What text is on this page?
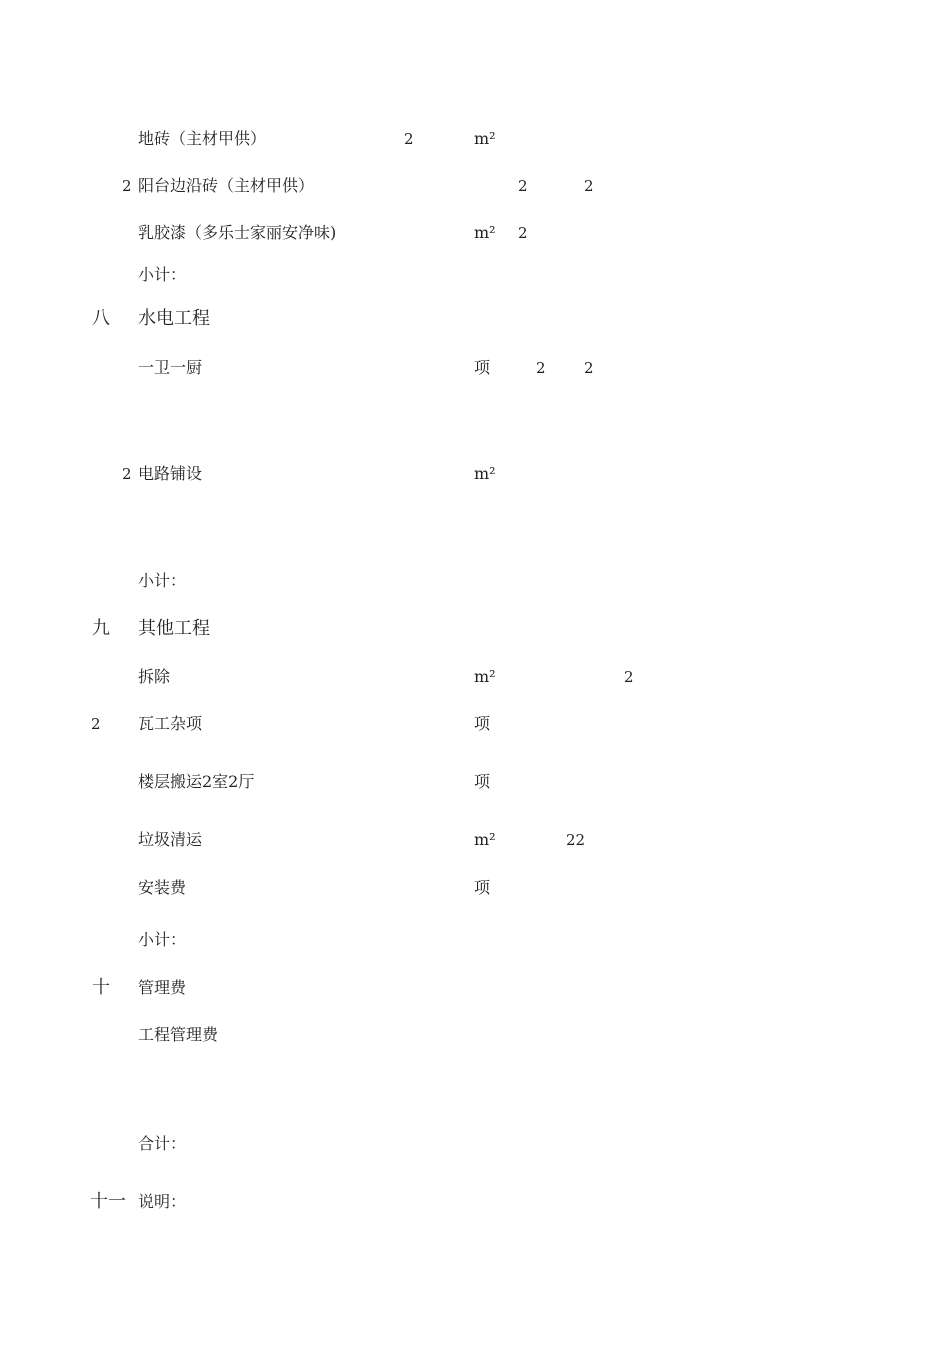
地砖（主材甲供）	2	m²
2 阳台边沿砖（主材甲供）	2	2
乳胶漆（多乐士家丽安净味)	m² 2
小计：
八 水电工程
一卫一厨	项	2	2
2 电路铺设	m²
小计：
九 其他工程
拆除	m²	2
2 瓦工杂项	项
楼层搬运2室2厅	项
垃圾清运	m²	22
安装费	项
小计：
十 管理费
工程管理费
合计：
十一 说明：
